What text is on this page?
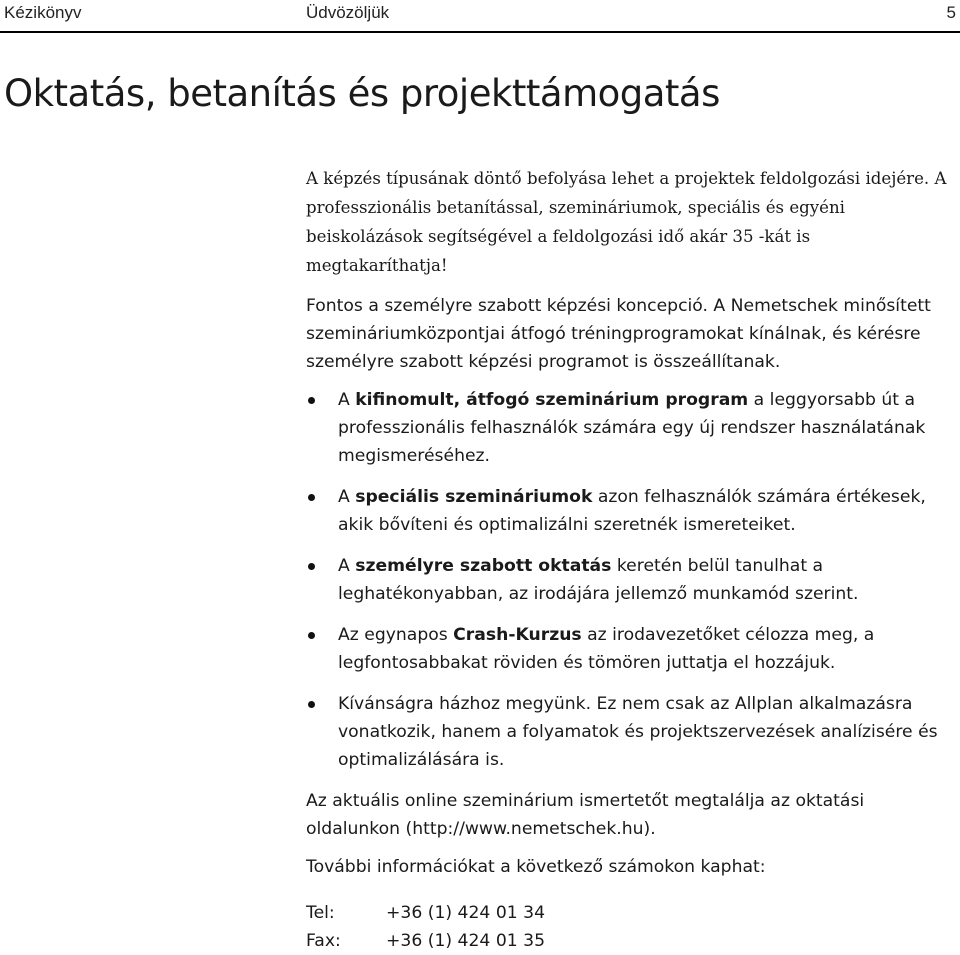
Kézikönyv	Üdvözöljük	5
Oktatás, betanítás és projekttámogatás

A képzés típusának döntő befolyása lehet a projektek feldolgozási idejére. A professzionális betanítással, szemináriumok, speciális és egyéni beiskolázások segítségével a feldolgozási idő akár 35 -kát is megtakaríthatja!

Fontos a személyre szabott képzési koncepció. A Nemetschek minősített szemináriumközpontjai átfogó tréningprogramokat kínálnak, és kérésre személyre szabott képzési programot is összeállítanak.

A kifinomult, átfogó szeminárium program a leggyorsabb út a professzionális felhasználók számára egy új rendszer használatának megismeréséhez.
A speciális szemináriumok azon felhasználók számára értékesek, akik bővíteni és optimalizálni szeretnék ismereteiket.
A személyre szabott oktatás keretén belül tanulhat a leghatékonyabban, az irodájára jellemző munkamód szerint.
Az egynapos Crash-Kurzus az irodavezetőket célozza meg, a legfontosabbakat röviden és tömören juttatja el hozzájuk.
Kívánságra házhoz megyünk. Ez nem csak az Allplan alkalmazásra vonatkozik, hanem a folyamatok és projektszervezések analízisére és optimalizálására is.

Az aktuális online szeminárium ismertetőt megtalálja az oktatási oldalunkon (http://www.nemetschek.hu).

További információkat a következő számokon kaphat:

Tel:	+36 (1) 424 01 34
Fax:	+36 (1) 424 01 35
